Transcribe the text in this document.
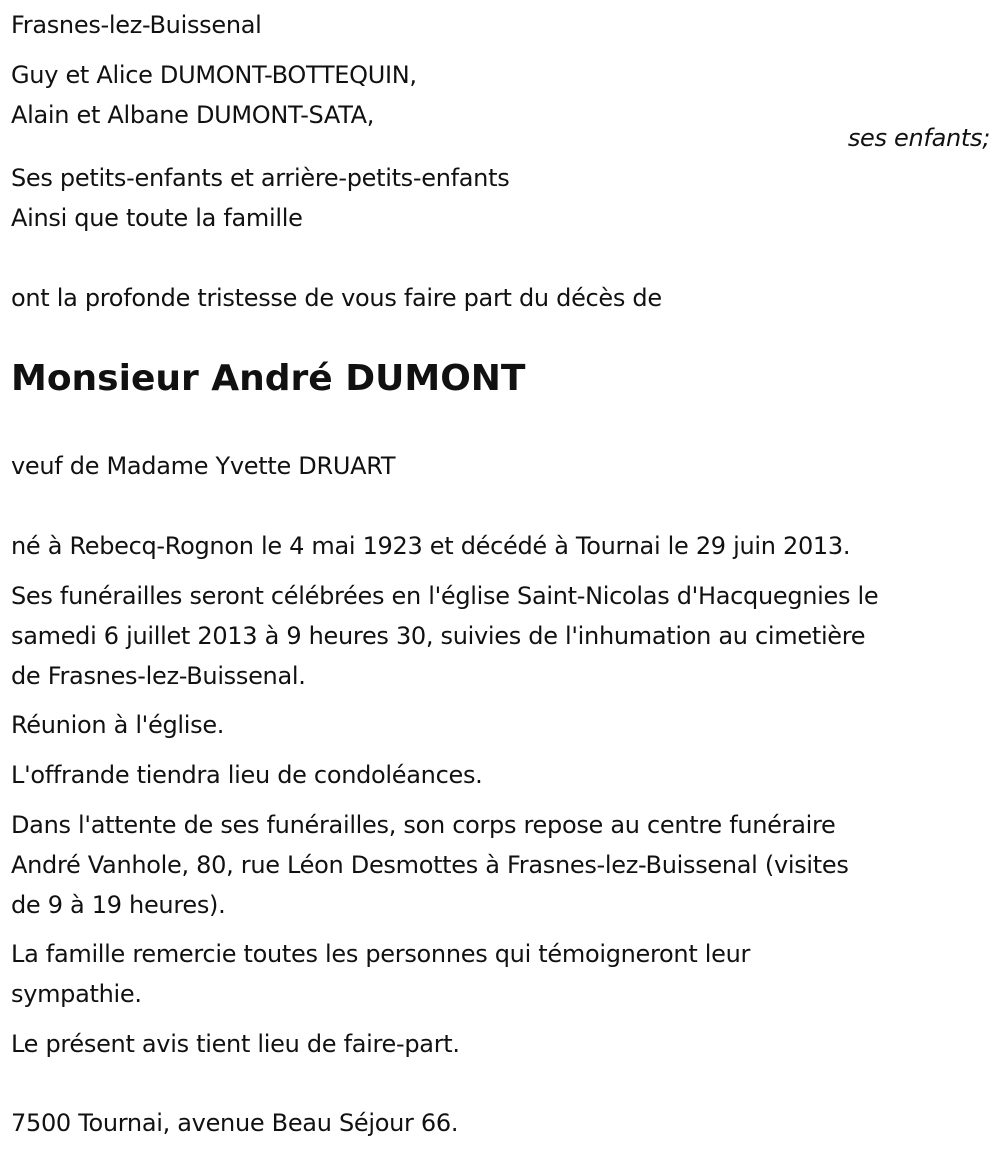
Frasnes-lez-Buissenal
Guy et Alice DUMONT-BOTTEQUIN,
Alain et Albane DUMONT-SATA,
ses enfants;
Ses petits-enfants et arrière-petits-enfants
Ainsi que toute la famille
ont la profonde tristesse de vous faire part du décès de
Monsieur André DUMONT
veuf de Madame Yvette DRUART
né à Rebecq-Rognon le 4 mai 1923 et décédé à Tournai le 29 juin 2013.
Ses funérailles seront célébrées en l'église Saint-Nicolas d'Hacquegnies le
samedi 6 juillet 2013 à 9 heures 30, suivies de l'inhumation au cimetière
de Frasnes-lez-Buissenal.
Réunion à l'église.
L'offrande tiendra lieu de condoléances.
Dans l'attente de ses funérailles, son corps repose au centre funéraire
André Vanhole, 80, rue Léon Desmottes à Frasnes-lez-Buissenal (visites
de 9 à 19 heures).
La famille remercie toutes les personnes qui témoigneront leur
sympathie.
Le présent avis tient lieu de faire-part.
7500 Tournai, avenue Beau Séjour 66.
